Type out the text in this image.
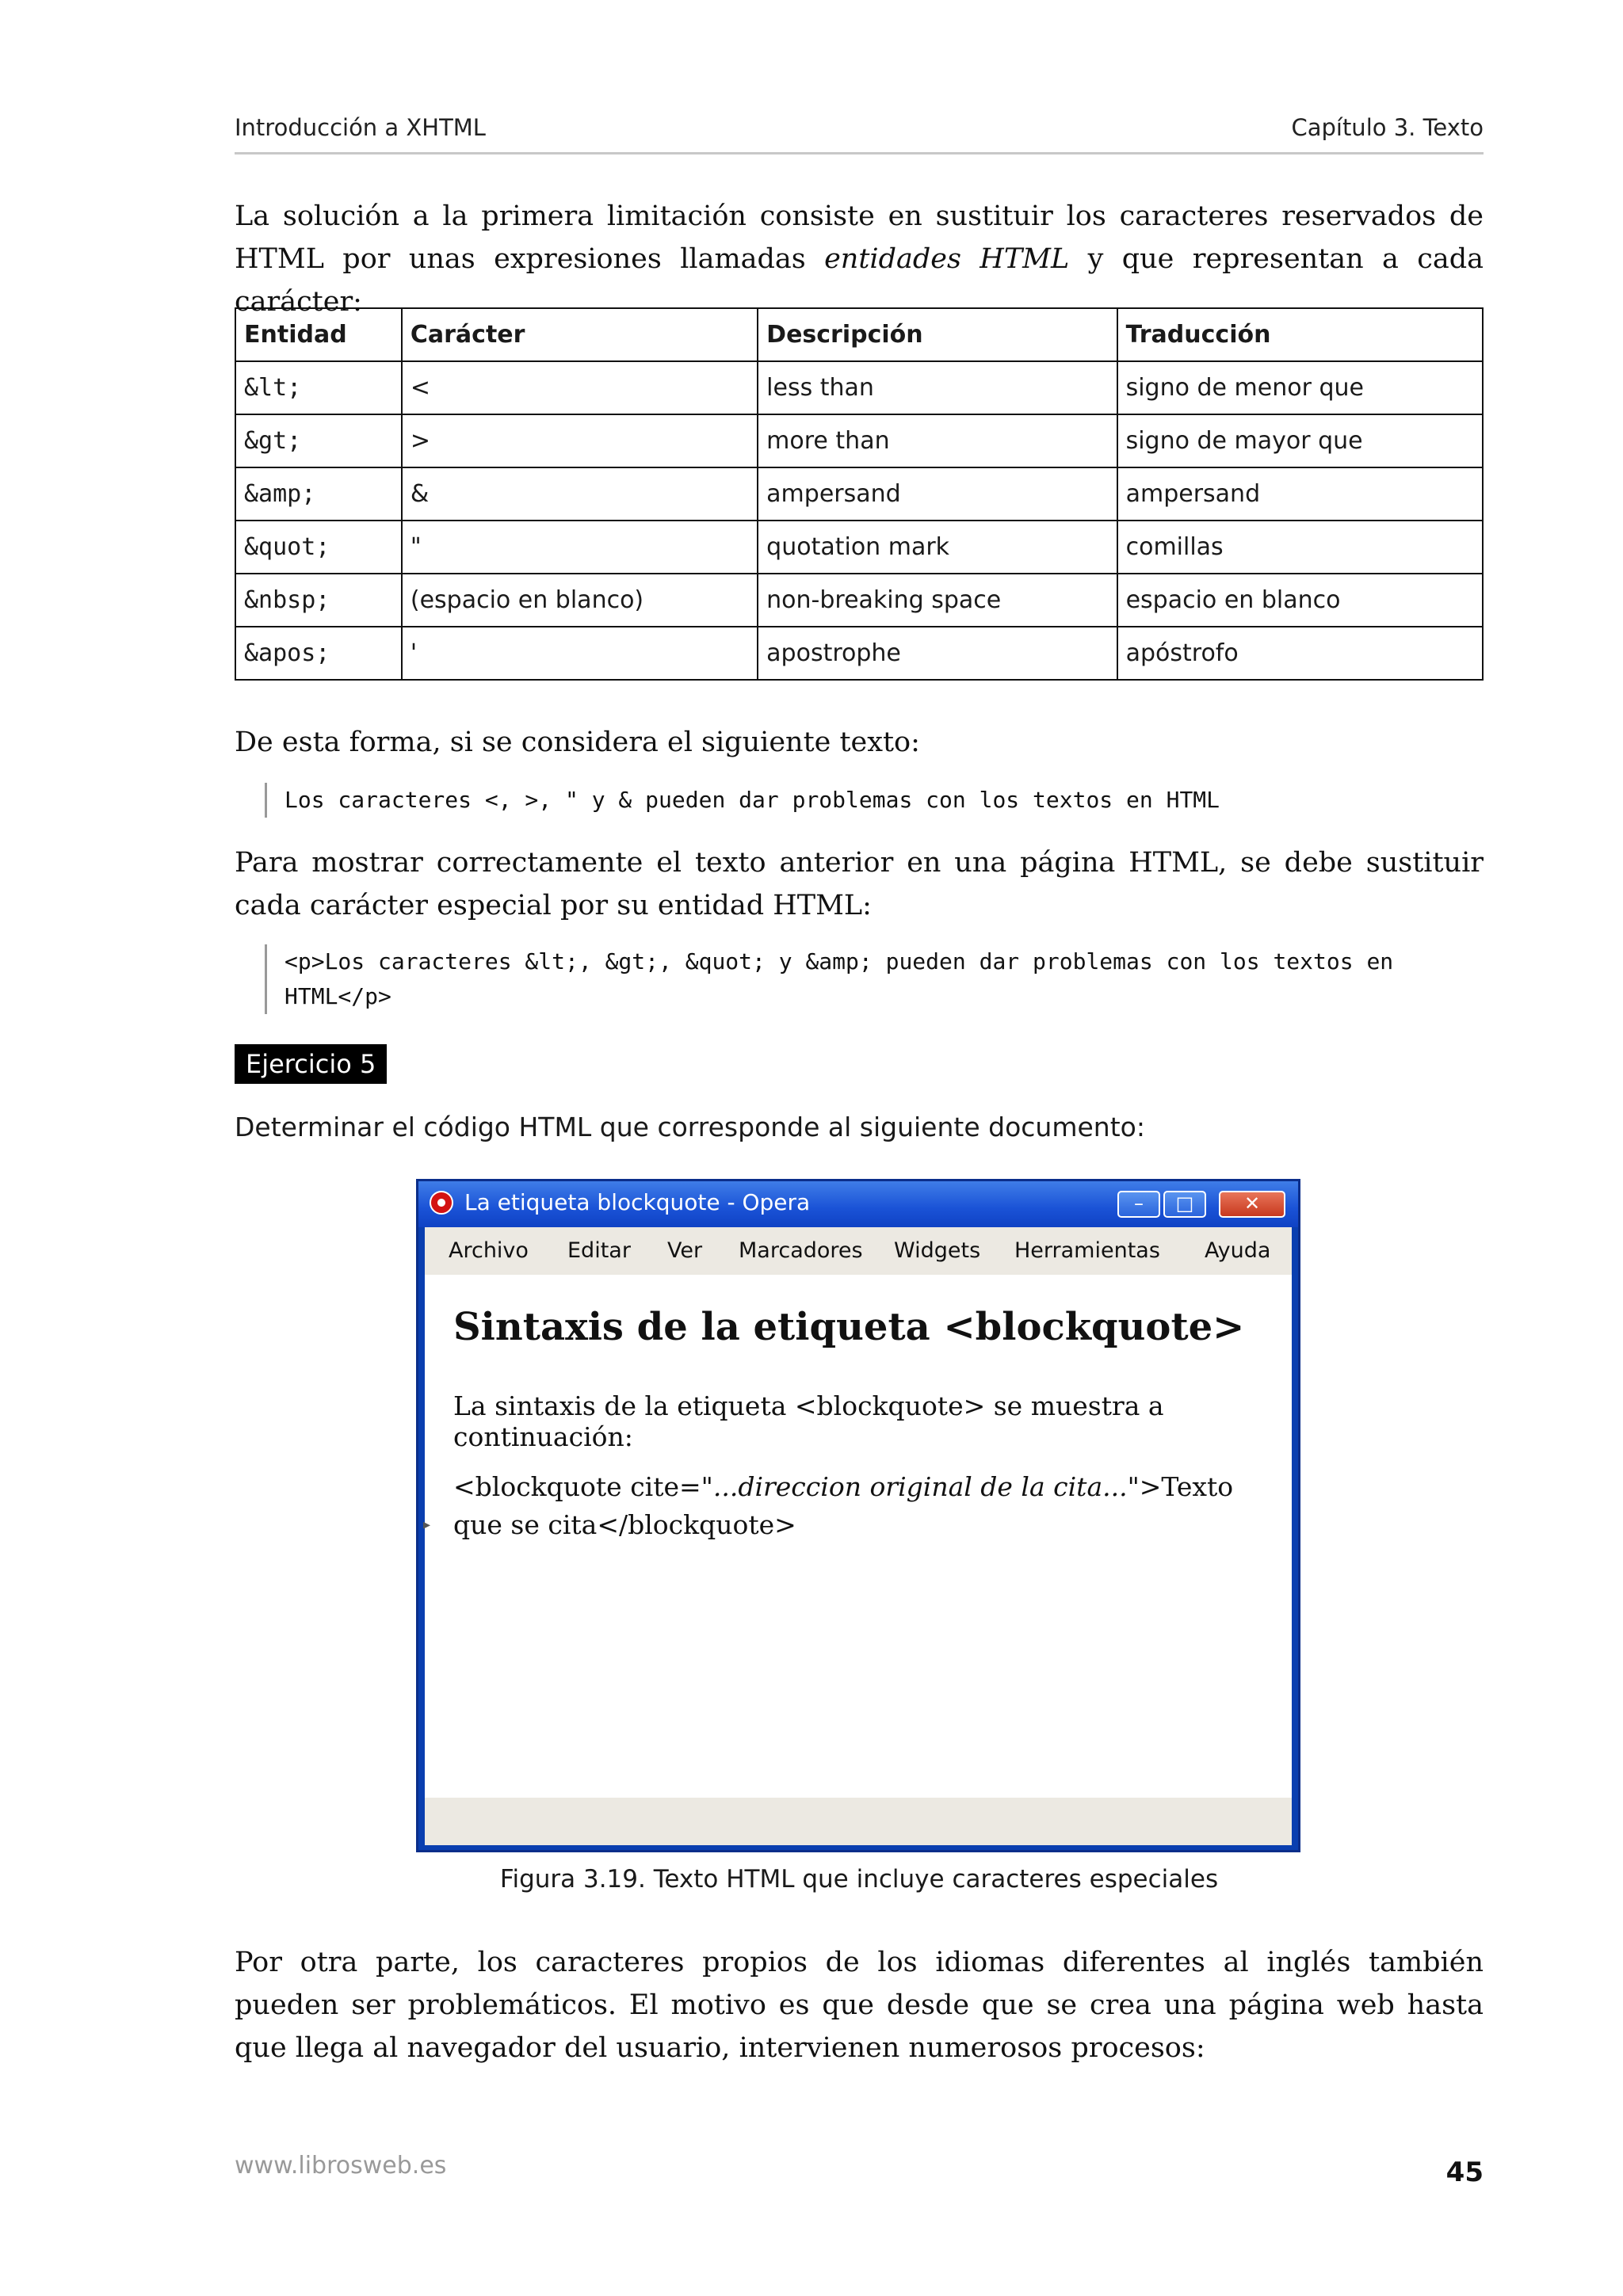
Introducción a XHTML	Capítulo 3. Texto

La solución a la primera limitación consiste en sustituir los caracteres reservados de HTML por unas expresiones llamadas entidades HTML y que representan a cada carácter:

Entidad	Carácter	Descripción	Traducción
&lt;	<	less than	signo de menor que
&gt;	>	more than	signo de mayor que
&amp;	&	ampersand	ampersand
&quot;	"	quotation mark	comillas
&nbsp;	(espacio en blanco)	non-breaking space	espacio en blanco
&apos;	'	apostrophe	apóstrofo

De esta forma, si se considera el siguiente texto:

Los caracteres <, >, " y & pueden dar problemas con los textos en HTML

Para mostrar correctamente el texto anterior en una página HTML, se debe sustituir cada carácter especial por su entidad HTML:

<p>Los caracteres &lt;, &gt;, &quot; y &amp; pueden dar problemas con los textos en
HTML</p>
Ejercicio 5

Determinar el código HTML que corresponde al siguiente documento:

La etiqueta blockquote - Opera	–	□	✕
Archivo Editar Ver Marcadores Widgets Herramientas Ayuda
Sintaxis de la etiqueta <blockquote>
La sintaxis de la etiqueta <blockquote> se muestra a continuación:
<blockquote cite="...direccion original de la cita...">Texto que se cita</blockquote>
▸
Figura 3.19. Texto HTML que incluye caracteres especiales

Por otra parte, los caracteres propios de los idiomas diferentes al inglés también pueden ser problemáticos. El motivo es que desde que se crea una página web hasta que llega al navegador del usuario, intervienen numerosos procesos:

www.librosweb.es	45
